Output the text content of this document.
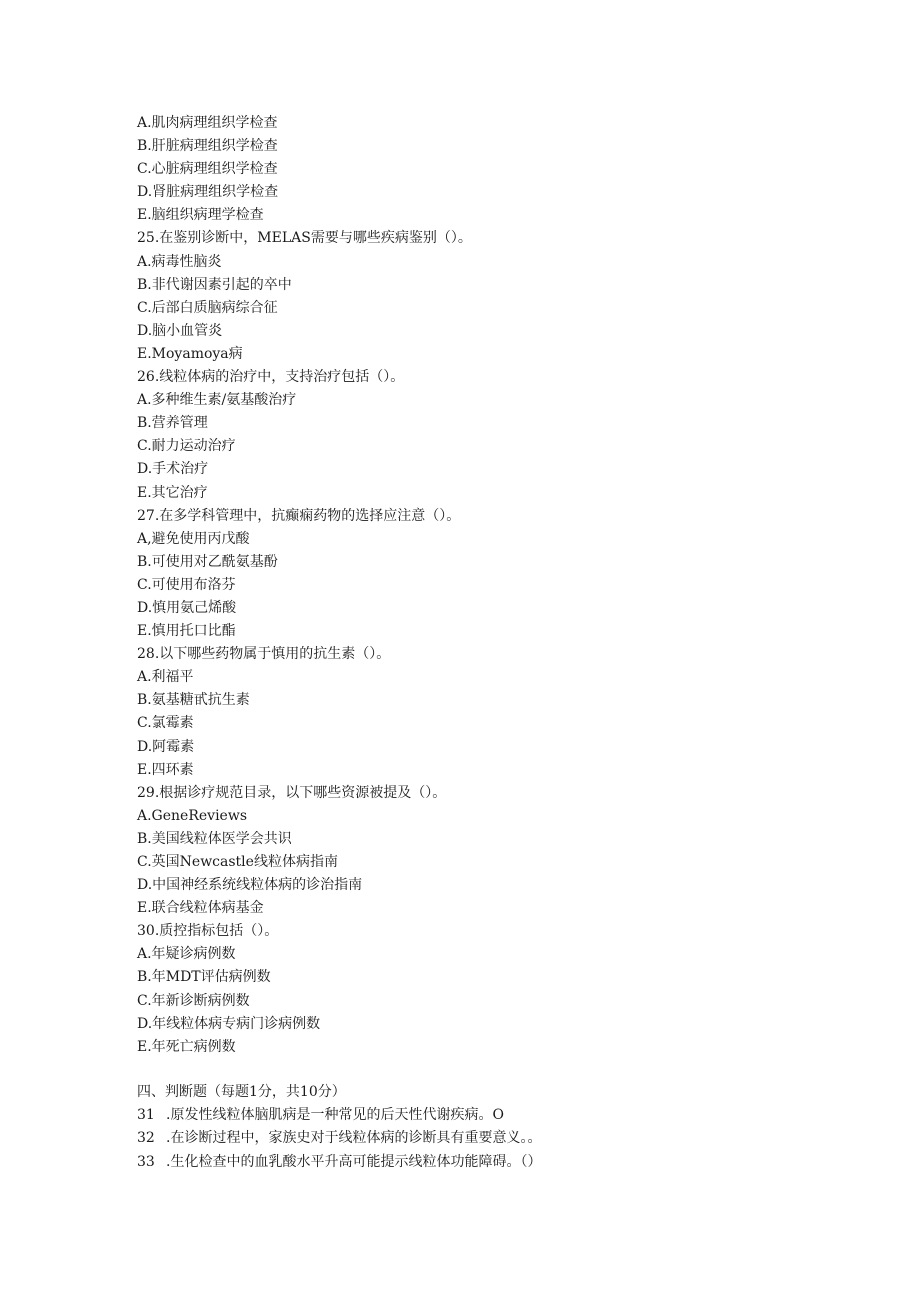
A.肌肉病理组织学检查
B.肝脏病理组织学检查
C.心脏病理组织学检查
D.肾脏病理组织学检查
E.脑组织病理学检查
25.在鉴别诊断中，MELAS需要与哪些疾病鉴别（）。
A.病毒性脑炎
B.非代谢因素引起的卒中
C.后部白质脑病综合征
D.脑小血管炎
E.Moyamoya病
26.线粒体病的治疗中，支持治疗包括（）。
A.多种维生素/氨基酸治疗
B.营养管理
C.耐力运动治疗
D.手术治疗
E.其它治疗
27.在多学科管理中，抗癫痫药物的选择应注意（）。
A,避免使用丙戊酸
B.可使用对乙酰氨基酚
C.可使用布洛芬
D.慎用氨己烯酸
E.慎用托口比酯
28.以下哪些药物属于慎用的抗生素（）。
A.利福平
B.氨基糖甙抗生素
C.氯霉素
D.阿霉素
E.四环素
29.根据诊疗规范目录，以下哪些资源被提及（）。
A.GeneReviews
B.美国线粒体医学会共识
C.英国Newcastle线粒体病指南
D.中国神经系统线粒体病的诊治指南
E.联合线粒体病基金
30.质控指标包括（）。
A.年疑诊病例数
B.年MDT评估病例数
C.年新诊断病例数
D.年线粒体病专病门诊病例数
E.年死亡病例数
四、判断题（每题1分，共10分）
31 .原发性线粒体脑肌病是一种常见的后天性代谢疾病。O
32 .在诊断过程中，家族史对于线粒体病的诊断具有重要意义。。
33 .生化检查中的血乳酸水平升高可能提示线粒体功能障碍。（）
